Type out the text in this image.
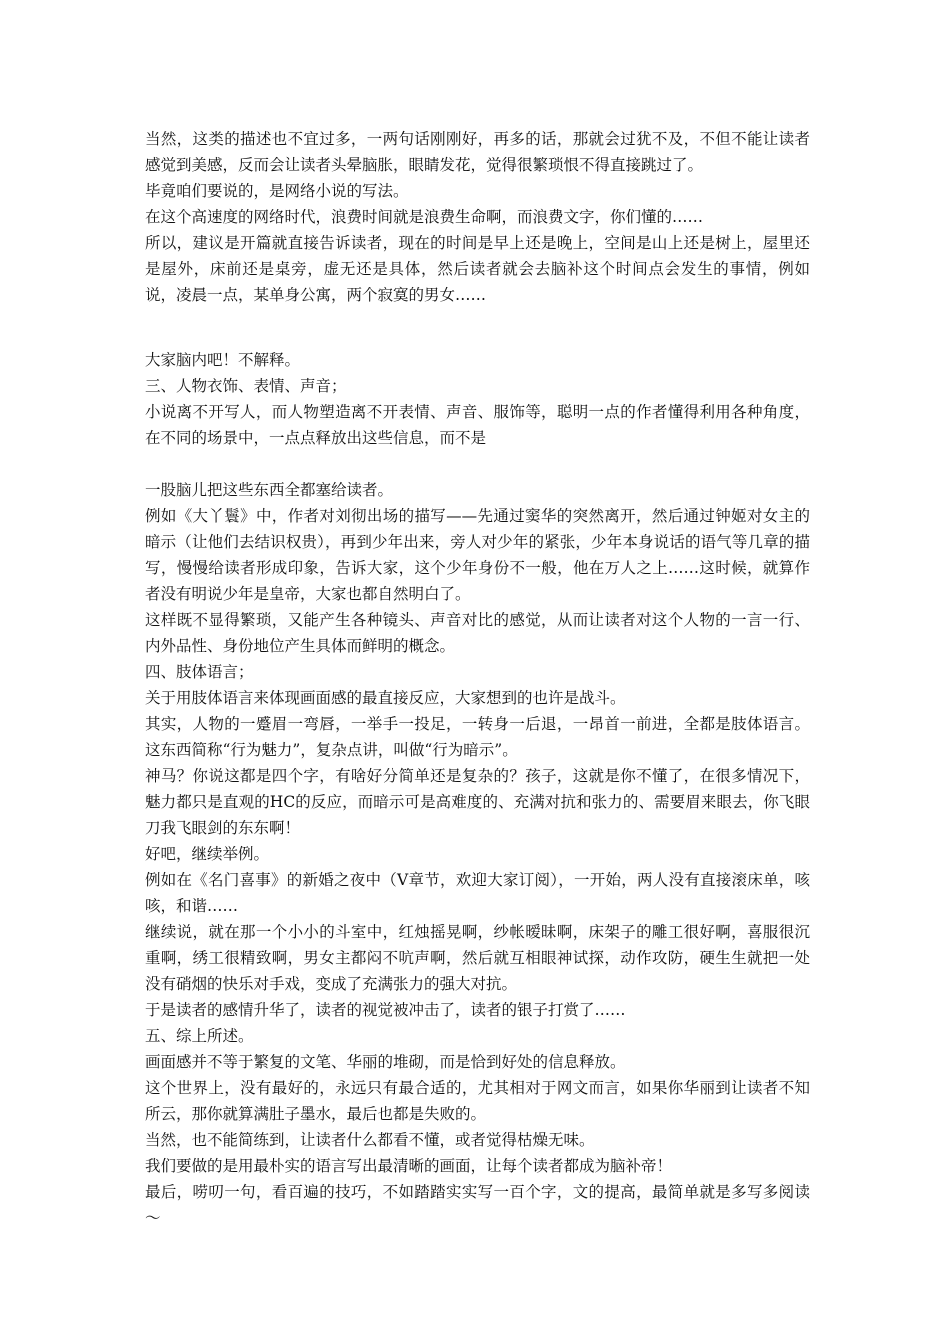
当然，这类的描述也不宜过多，一两句话刚刚好，再多的话，那就会过犹不及，不但不能让读者感觉到美感，反而会让读者头晕脑胀，眼睛发花，觉得很繁琐恨不得直接跳过了。

毕竟咱们要说的，是网络小说的写法。

在这个高速度的网络时代，浪费时间就是浪费生命啊，而浪费文字，你们懂的……

所以，建议是开篇就直接告诉读者，现在的时间是早上还是晚上，空间是山上还是树上，屋里还是屋外，床前还是桌旁，虚无还是具体，然后读者就会去脑补这个时间点会发生的事情，例如说，凌晨一点，某单身公寓，两个寂寞的男女……

大家脑内吧！不解释。

三、人物衣饰、表情、声音；

小说离不开写人，而人物塑造离不开表情、声音、服饰等，聪明一点的作者懂得利用各种角度，在不同的场景中，一点点释放出这些信息，而不是

一股脑儿把这些东西全都塞给读者。

例如《大丫鬟》中，作者对刘彻出场的描写——先通过窦华的突然离开，然后通过钟姬对女主的暗示（让他们去结识权贵），再到少年出来，旁人对少年的紧张，少年本身说话的语气等几章的描写，慢慢给读者形成印象，告诉大家，这个少年身份不一般，他在万人之上……这时候，就算作者没有明说少年是皇帝，大家也都自然明白了。

这样既不显得繁琐，又能产生各种镜头、声音对比的感觉，从而让读者对这个人物的一言一行、内外品性、身份地位产生具体而鲜明的概念。

四、肢体语言；

关于用肢体语言来体现画面感的最直接反应，大家想到的也许是战斗。

其实，人物的一蹙眉一弯唇，一举手一投足，一转身一后退，一昂首一前进，全都是肢体语言。这东西简称“行为魅力”，复杂点讲，叫做“行为暗示”。

神马？你说这都是四个字，有啥好分简单还是复杂的？孩子，这就是你不懂了，在很多情况下，魅力都只是直观的HC的反应，而暗示可是高难度的、充满对抗和张力的、需要眉来眼去，你飞眼刀我飞眼剑的东东啊！

好吧，继续举例。

例如在《名门喜事》的新婚之夜中（V章节，欢迎大家订阅），一开始，两人没有直接滚床单，咳咳，和谐……

继续说，就在那一个小小的斗室中，红烛摇晃啊，纱帐暧昧啊，床架子的雕工很好啊，喜服很沉重啊，绣工很精致啊，男女主都闷不吭声啊，然后就互相眼神试探，动作攻防，硬生生就把一处没有硝烟的快乐对手戏，变成了充满张力的强大对抗。

于是读者的感情升华了，读者的视觉被冲击了，读者的银子打赏了……

五、综上所述。

画面感并不等于繁复的文笔、华丽的堆砌，而是恰到好处的信息释放。

这个世界上，没有最好的，永远只有最合适的，尤其相对于网文而言，如果你华丽到让读者不知所云，那你就算满肚子墨水，最后也都是失败的。

当然，也不能简练到，让读者什么都看不懂，或者觉得枯燥无味。

我们要做的是用最朴实的语言写出最清晰的画面，让每个读者都成为脑补帝！

最后，唠叨一句，看百遍的技巧，不如踏踏实实写一百个字，文的提高，最简单就是多写多阅读～
